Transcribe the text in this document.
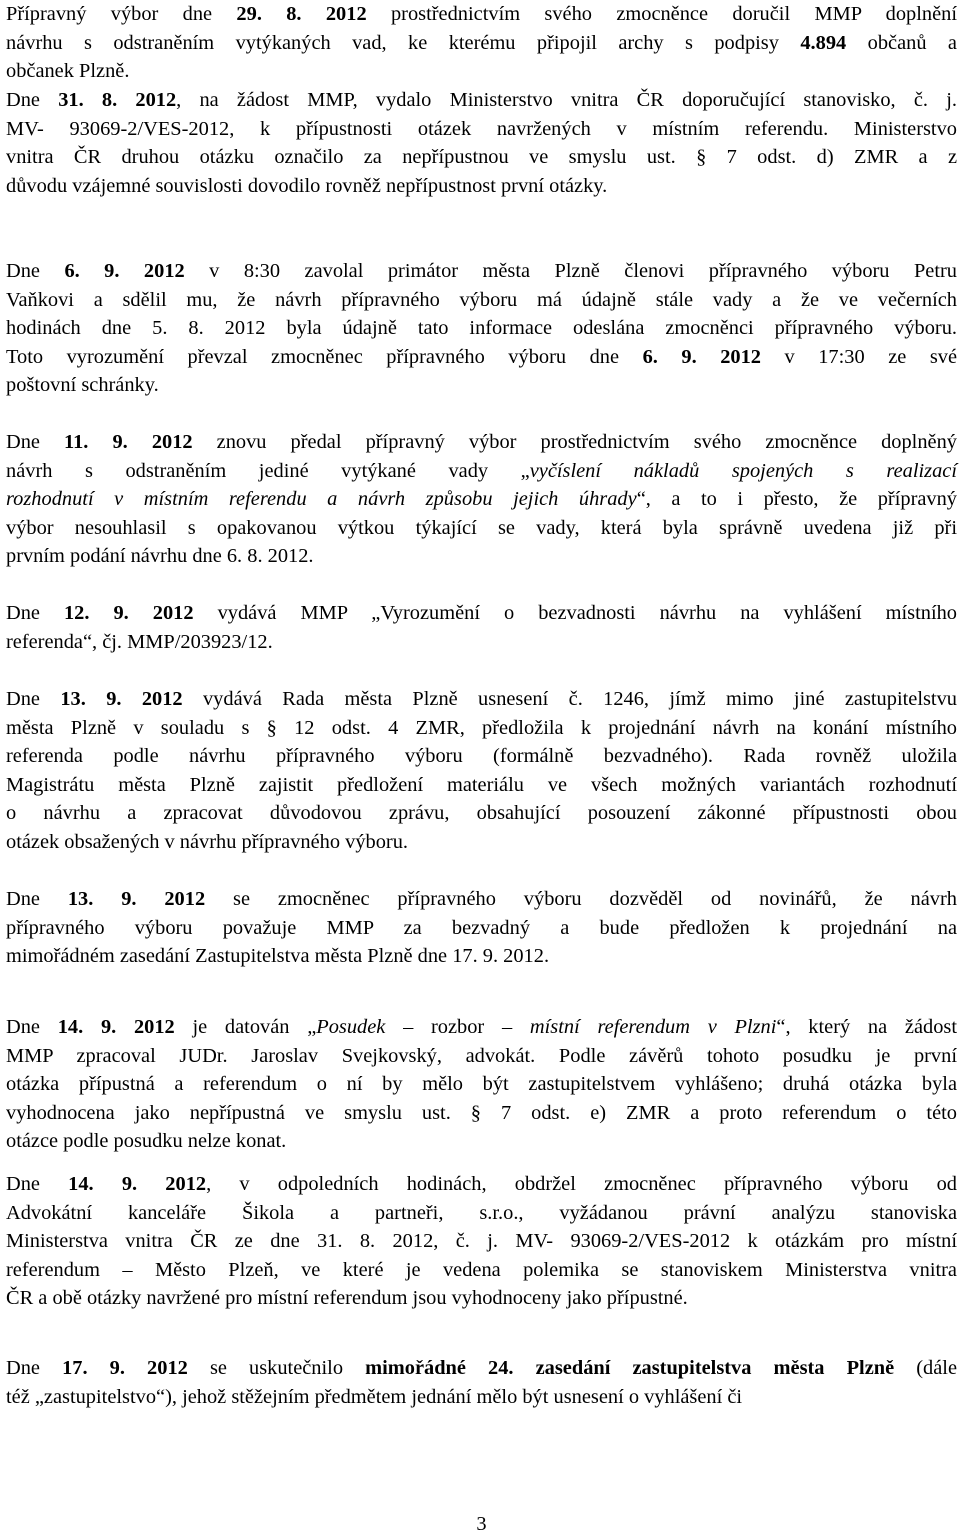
Přípravný výbor dne 29. 8. 2012 prostřednictvím svého zmocněnce doručil MMP doplnění
návrhu s odstraněním vytýkaných vad, ke kterému připojil archy s podpisy 4.894 občanů a
občanek Plzně.
Dne 31. 8. 2012, na žádost MMP, vydalo Ministerstvo vnitra ČR doporučující stanovisko, č. j.
MV- 93069-2/VES-2012, k přípustnosti otázek navržených v místním referendu. Ministerstvo
vnitra ČR druhou otázku označilo za nepřípustnou ve smyslu ust. § 7 odst. d) ZMR a z
důvodu vzájemné souvislosti dovodilo rovněž nepřípustnost první otázky.
Dne 6. 9. 2012 v 8:30 zavolal primátor města Plzně členovi přípravného výboru Petru
Vaňkovi a sdělil mu, že návrh přípravného výboru má údajně stále vady a že ve večerních
hodinách dne 5. 8. 2012 byla údajně tato informace odeslána zmocněnci přípravného výboru.
Toto vyrozumění převzal zmocněnec přípravného výboru dne 6. 9. 2012 v 17:30 ze své
poštovní schránky.
Dne 11. 9. 2012 znovu předal přípravný výbor prostřednictvím svého zmocněnce doplněný
návrh s odstraněním jediné vytýkané vady „vyčíslení nákladů spojených s realizací
rozhodnutí v místním referendu a návrh způsobu jejich úhrady“, a to i přesto, že přípravný
výbor nesouhlasil s opakovanou výtkou týkající se vady, která byla správně uvedena již při
prvním podání návrhu dne 6. 8. 2012.
Dne 12. 9. 2012 vydává MMP „Vyrozumění o bezvadnosti návrhu na vyhlášení místního
referenda“, čj. MMP/203923/12.
Dne 13. 9. 2012 vydává Rada města Plzně usnesení č. 1246, jímž mimo jiné zastupitelstvu
města Plzně v souladu s § 12 odst. 4 ZMR, předložila k projednání návrh na konání místního
referenda podle návrhu přípravného výboru (formálně bezvadného). Rada rovněž uložila
Magistrátu města Plzně zajistit předložení materiálu ve všech možných variantách rozhodnutí
o návrhu a zpracovat důvodovou zprávu, obsahující posouzení zákonné přípustnosti obou
otázek obsažených v návrhu přípravného výboru.
Dne 13. 9. 2012 se zmocněnec přípravného výboru dozvěděl od novinářů, že návrh
přípravného výboru považuje MMP za bezvadný a bude předložen k projednání na
mimořádném zasedání Zastupitelstva města Plzně dne 17. 9. 2012.
Dne 14. 9. 2012 je datován „Posudek – rozbor – místní referendum v Plzni“, který na žádost
MMP zpracoval JUDr. Jaroslav Svejkovský, advokát. Podle závěrů tohoto posudku je první
otázka přípustná a referendum o ní by mělo být zastupitelstvem vyhlášeno; druhá otázka byla
vyhodnocena jako nepřípustná ve smyslu ust. § 7 odst. e) ZMR a proto referendum o této
otázce podle posudku nelze konat.
Dne 14. 9. 2012, v odpoledních hodinách, obdržel zmocněnec přípravného výboru od
Advokátní kanceláře Šikola a partneři, s.r.o., vyžádanou právní analýzu stanoviska
Ministerstva vnitra ČR ze dne 31. 8. 2012, č. j. MV- 93069-2/VES-2012 k otázkám pro místní
referendum – Město Plzeň, ve které je vedena polemika se stanoviskem Ministerstva vnitra
ČR a obě otázky navržené pro místní referendum jsou vyhodnoceny jako přípustné.
Dne 17. 9. 2012 se uskutečnilo mimořádné 24. zasedání zastupitelstva města Plzně (dále
též „zastupitelstvo“), jehož stěžejním předmětem jednání mělo být usnesení o vyhlášení či
3
